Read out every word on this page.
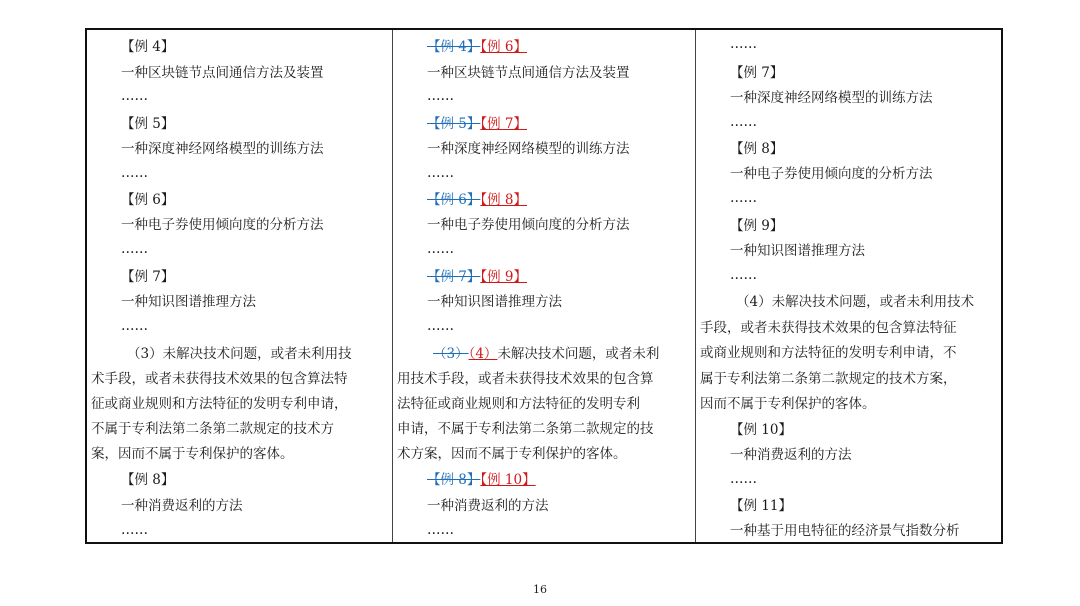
【例 4】
一种区块链节点间通信方法及装置
……
【例 5】
一种深度神经网络模型的训练方法
……
【例 6】
一种电子券使用倾向度的分析方法
……
【例 7】
一种知识图谱推理方法
……
（3）未解决技术问题，或者未利用技
术手段，或者未获得技术效果的包含算法特
征或商业规则和方法特征的发明专利申请，
不属于专利法第二条第二款规定的技术方
案，因而不属于专利保护的客体。
【例 8】
一种消费返利的方法
……
【例 4】【例 6】
一种区块链节点间通信方法及装置
……
【例 5】【例 7】
一种深度神经网络模型的训练方法
……
【例 6】【例 8】
一种电子券使用倾向度的分析方法
……
【例 7】【例 9】
一种知识图谱推理方法
……
（3）（4）未解决技术问题，或者未利
用技术手段，或者未获得技术效果的包含算
法特征或商业规则和方法特征的发明专利
申请，不属于专利法第二条第二款规定的技
术方案，因而不属于专利保护的客体。
【例 8】【例 10】
一种消费返利的方法
……
……
【例 7】
一种深度神经网络模型的训练方法
……
【例 8】
一种电子券使用倾向度的分析方法
……
【例 9】
一种知识图谱推理方法
……
（4）未解决技术问题，或者未利用技术
手段，或者未获得技术效果的包含算法特征
或商业规则和方法特征的发明专利申请，不
属于专利法第二条第二款规定的技术方案，
因而不属于专利保护的客体。
【例 10】
一种消费返利的方法
……
【例 11】
一种基于用电特征的经济景气指数分析
16
